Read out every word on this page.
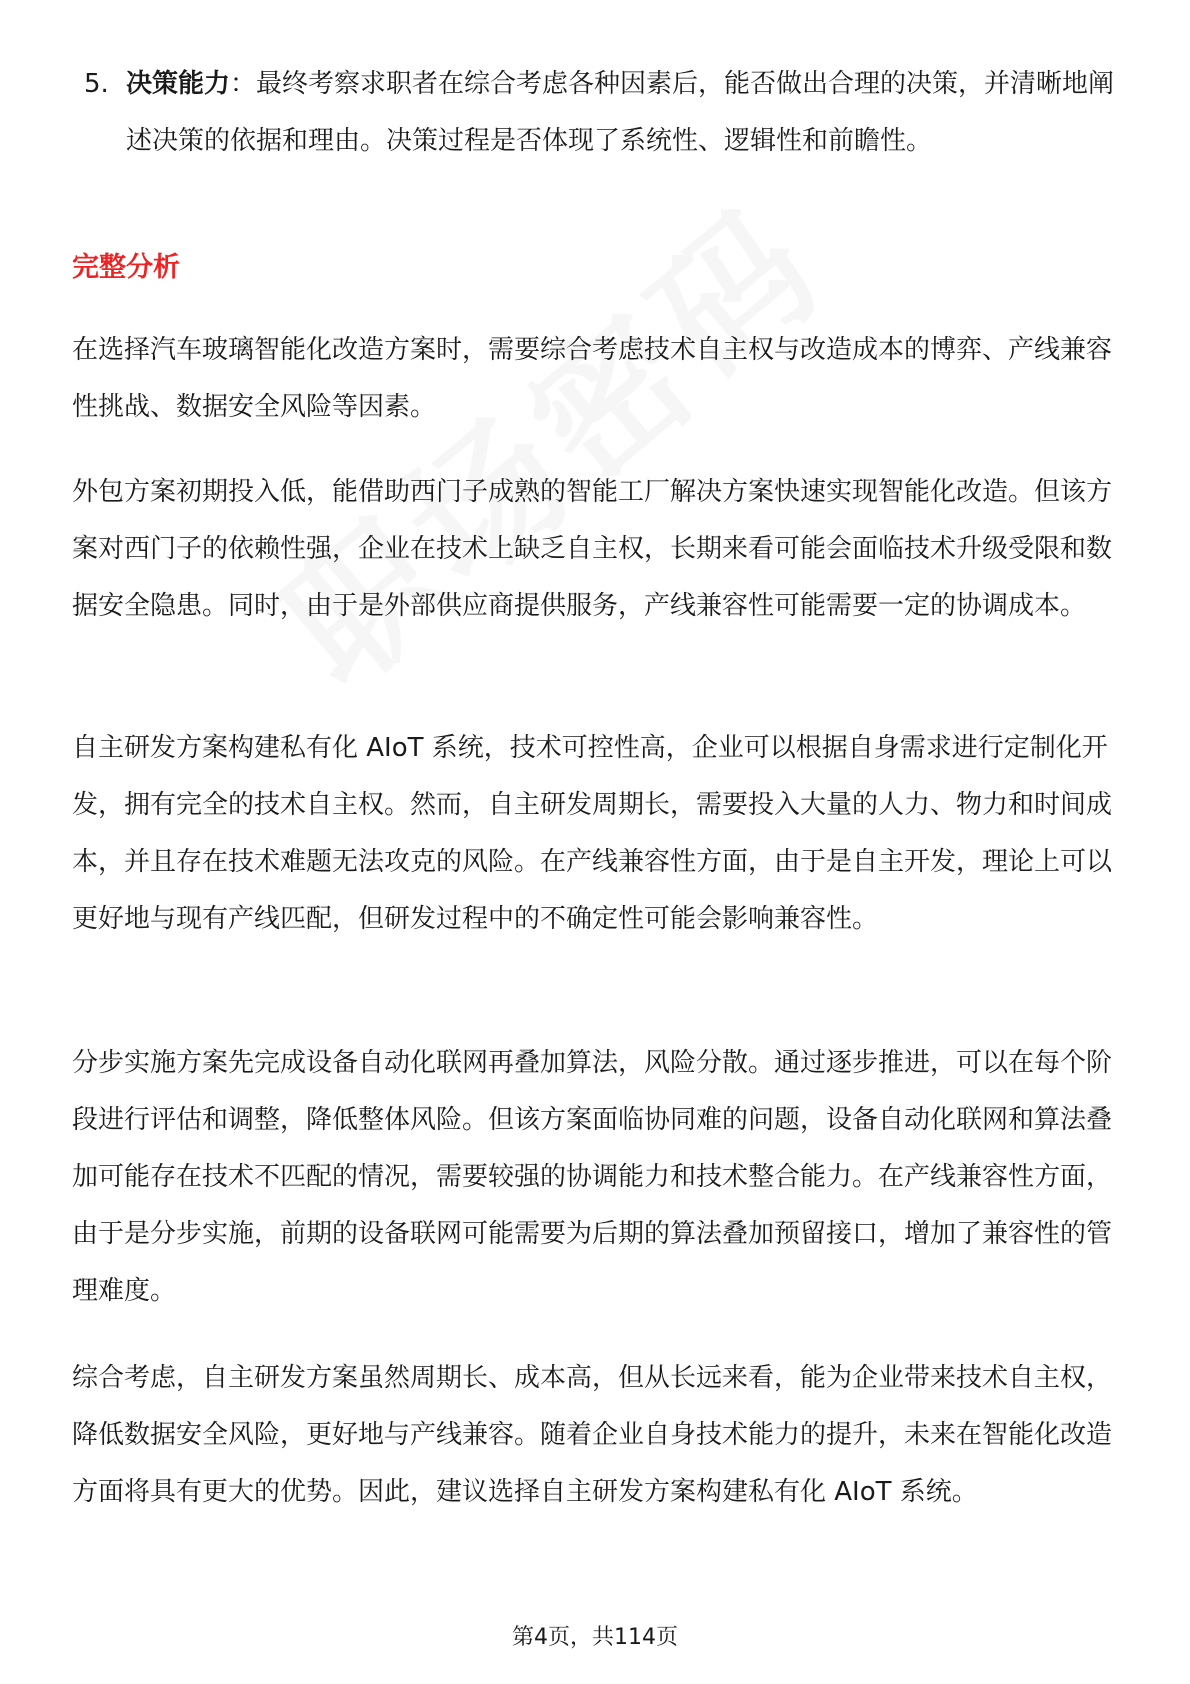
5. 决策能力：最终考察求职者在综合考虑各种因素后，能否做出合理的决策，并清晰地阐述决策的依据和理由。决策过程是否体现了系统性、逻辑性和前瞻性。
完整分析

在选择汽车玻璃智能化改造方案时，需要综合考虑技术自主权与改造成本的博弈、产线兼容性挑战、数据安全风险等因素。

外包方案初期投入低，能借助西门子成熟的智能工厂解决方案快速实现智能化改造。但该方案对西门子的依赖性强，企业在技术上缺乏自主权，长期来看可能会面临技术升级受限和数据安全隐患。同时，由于是外部供应商提供服务，产线兼容性可能需要一定的协调成本。

自主研发方案构建私有化 AIoT 系统，技术可控性高，企业可以根据自身需求进行定制化开发，拥有完全的技术自主权。然而，自主研发周期长，需要投入大量的人力、物力和时间成本，并且存在技术难题无法攻克的风险。在产线兼容性方面，由于是自主开发，理论上可以更好地与现有产线匹配，但研发过程中的不确定性可能会影响兼容性。

分步实施方案先完成设备自动化联网再叠加算法，风险分散。通过逐步推进，可以在每个阶段进行评估和调整，降低整体风险。但该方案面临协同难的问题，设备自动化联网和算法叠加可能存在技术不匹配的情况，需要较强的协调能力和技术整合能力。在产线兼容性方面，由于是分步实施，前期的设备联网可能需要为后期的算法叠加预留接口，增加了兼容性的管理难度。

综合考虑，自主研发方案虽然周期长、成本高，但从长远来看，能为企业带来技术自主权，降低数据安全风险，更好地与产线兼容。随着企业自身技术能力的提升，未来在智能化改造方面将具有更大的优势。因此，建议选择自主研发方案构建私有化 AIoT 系统。

第4页，共114页
